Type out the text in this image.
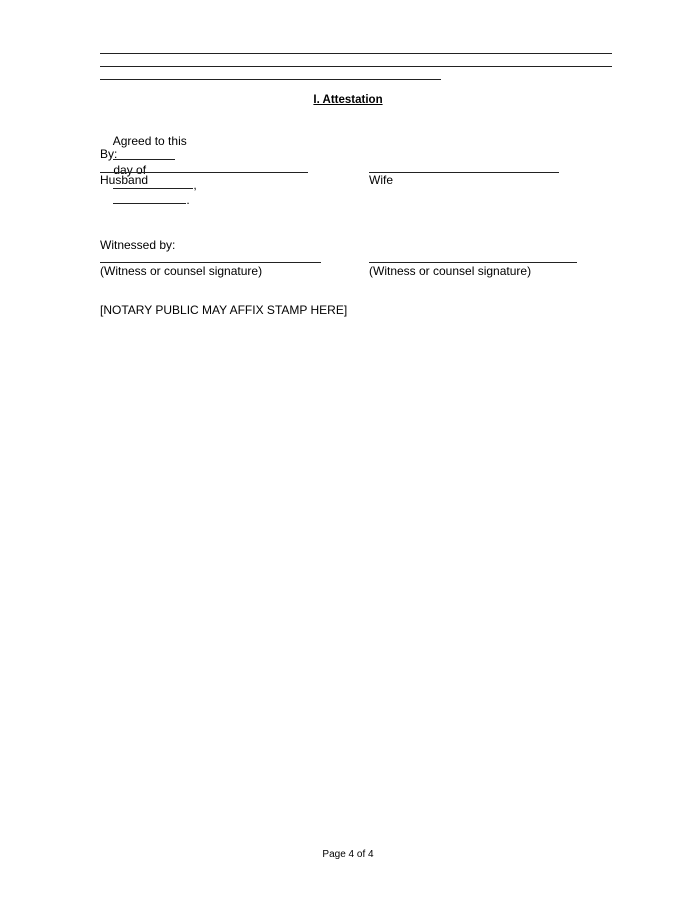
I. Attestation

Agreed to this

day of
,
.

By:
Husband	Wife
Witnessed by:
(Witness or counsel signature)	(Witness or counsel signature)
[NOTARY PUBLIC MAY AFFIX STAMP HERE]
Page 4 of 4
